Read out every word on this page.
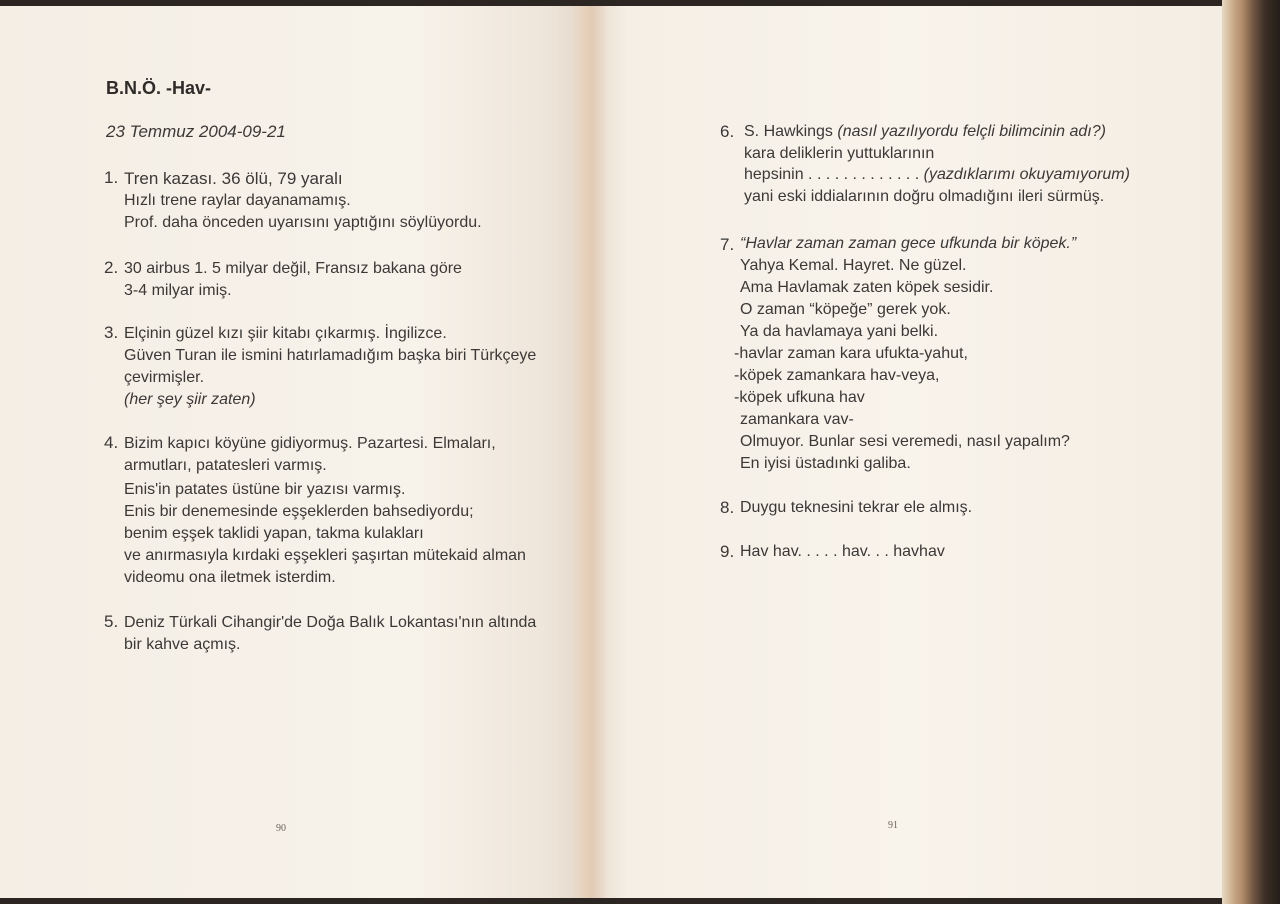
B.N.Ö. -Hav-
23 Temmuz 2004-09-21
1. Tren kazası. 36 ölü, 79 yaralı
Hızlı trene raylar dayanamamış.
Prof. daha önceden uyarısını yaptığını söylüyordu.
2. 30 airbus 1. 5 milyar değil, Fransız bakana göre
3-4 milyar imiş.
3. Elçinin güzel kızı şiir kitabı çıkarmış. İngilizce.
Güven Turan ile ismini hatırlamadığım başka biri Türkçeye
çevirmişler.
(her şey şiir zaten)
4. Bizim kapıcı köyüne gidiyormuş. Pazartesi. Elmaları,
armutları, patatesleri varmış.
Enis'in patates üstüne bir yazısı varmış.
Enis bir denemesinde eşşeklerden bahsediyordu;
benim eşşek taklidi yapan, takma kulakları
ve anırmasıyla kırdaki eşşekleri şaşırtan mütekaid alman
videomu ona iletmek isterdim.
5. Deniz Türkali Cihangir'de Doğa Balık Lokantası'nın altında
bir kahve açmış.
90
6. S. Hawkings (nasıl yazılıyordu felçli bilimcinin adı?)
kara deliklerin yuttuklarının
hepsinin . . . . . . . . . . . . . (yazdıklarımı okuyamıyorum)
yani eski iddialarının doğru olmadığını ileri sürmüş.
7. “Havlar zaman zaman gece ufkunda bir köpek.”
Yahya Kemal. Hayret. Ne güzel.
Ama Havlamak zaten köpek sesidir.
O zaman “köpeğe” gerek yok.
Ya da havlamaya yani belki.
-havlar zaman kara ufukta-yahut,
-köpek zamankara hav-veya,
-köpek ufkuna hav
zamankara vav-
Olmuyor. Bunlar sesi veremedi, nasıl yapalım?
En iyisi üstadınki galiba.
8. Duygu teknesini tekrar ele almış.
9. Hav hav. . . . . hav. . . havhav
91
